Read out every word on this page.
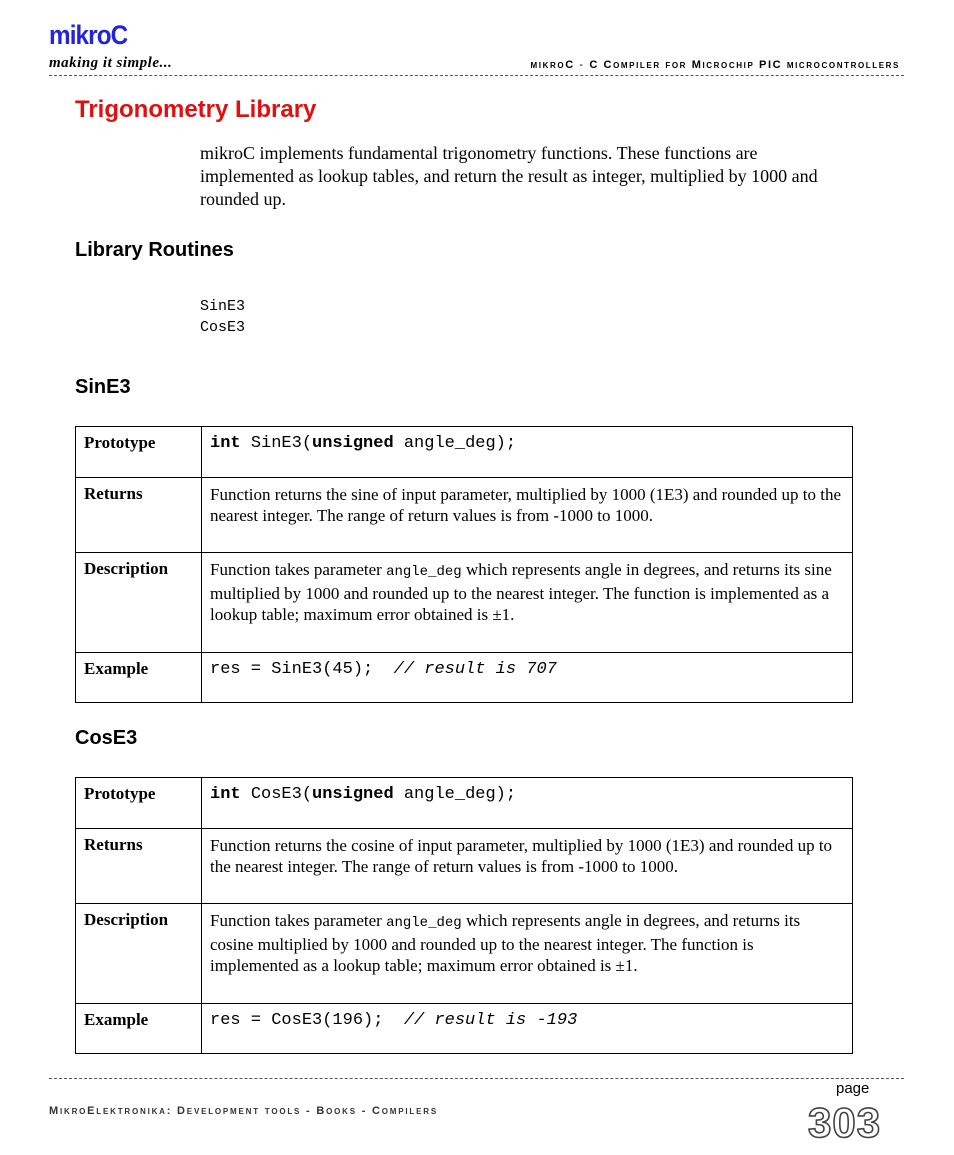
mikroC
making it simple...	mikroC - C Compiler for Microchip PIC microcontrollers
Trigonometry Library
mikroC implements fundamental trigonometry functions. These functions are implemented as lookup tables, and return the result as integer, multiplied by 1000 and rounded up.
Library Routines
SinE3
CosE3
SinE3
Prototype	int SinE3(unsigned angle_deg);
Returns	Function returns the sine of input parameter, multiplied by 1000 (1E3) and rounded up to the nearest integer. The range of return values is from -1000 to 1000.
Description	Function takes parameter angle_deg which represents angle in degrees, and returns its sine multiplied by 1000 and rounded up to the nearest integer. The function is implemented as a lookup table; maximum error obtained is ±1.
Example	res = SinE3(45); // result is 707
CosE3
Prototype	int CosE3(unsigned angle_deg);
Returns	Function returns the cosine of input parameter, multiplied by 1000 (1E3) and rounded up to the nearest integer. The range of return values is from -1000 to 1000.
Description	Function takes parameter angle_deg which represents angle in degrees, and returns its cosine multiplied by 1000 and rounded up to the nearest integer. The function is implemented as a lookup table; maximum error obtained is ±1.
Example	res = CosE3(196); // result is -193
MikroElektronika: Development tools - Books - Compilers
page
303
